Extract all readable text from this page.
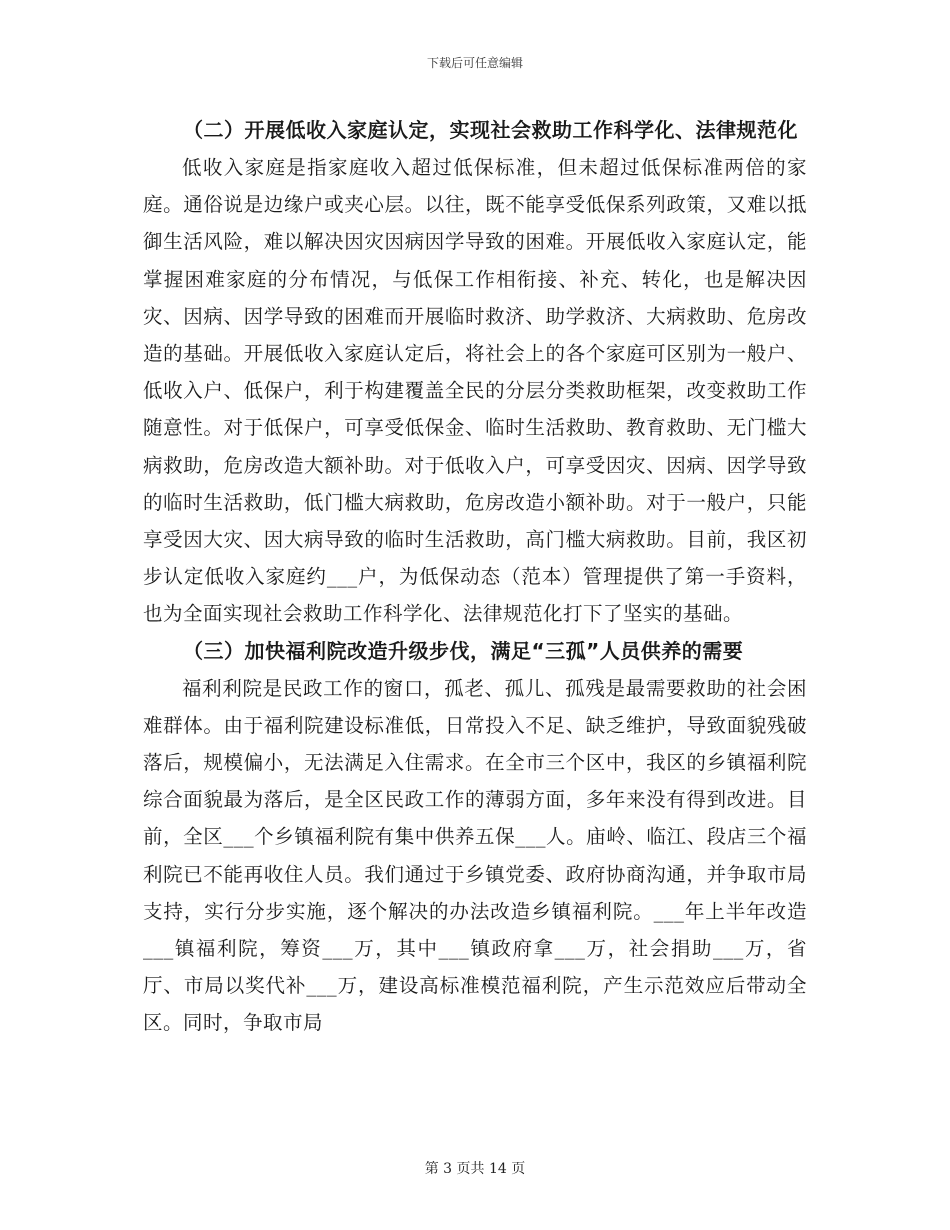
下载后可任意编辑

（二）开展低收入家庭认定，实现社会救助工作科学化、法律规范化

低收入家庭是指家庭收入超过低保标准，但未超过低保标准两倍的家庭。通俗说是边缘户或夹心层。以往，既不能享受低保系列政策，又难以抵御生活风险，难以解决因灾因病因学导致的困难。开展低收入家庭认定，能掌握困难家庭的分布情况，与低保工作相衔接、补充、转化，也是解决因灾、因病、因学导致的困难而开展临时救济、助学救济、大病救助、危房改造的基础。开展低收入家庭认定后，将社会上的各个家庭可区别为一般户、低收入户、低保户，利于构建覆盖全民的分层分类救助框架，改变救助工作随意性。对于低保户，可享受低保金、临时生活救助、教育救助、无门槛大病救助，危房改造大额补助。对于低收入户，可享受因灾、因病、因学导致的临时生活救助，低门槛大病救助，危房改造小额补助。对于一般户，只能享受因大灾、因大病导致的临时生活救助，高门槛大病救助。目前，我区初步认定低收入家庭约___户，为低保动态（范本）管理提供了第一手资料，也为全面实现社会救助工作科学化、法律规范化打下了坚实的基础。

（三）加快福利院改造升级步伐，满足“三孤”人员供养的需要

福利利院是民政工作的窗口，孤老、孤儿、孤残是最需要救助的社会困难群体。由于福利院建设标准低，日常投入不足、缺乏维护，导致面貌残破落后，规模偏小，无法满足入住需求。在全市三个区中，我区的乡镇福利院综合面貌最为落后，是全区民政工作的薄弱方面，多年来没有得到改进。目前，全区___个乡镇福利院有集中供养五保___人。庙岭、临江、段店三个福利院已不能再收住人员。我们通过于乡镇党委、政府协商沟通，并争取市局支持，实行分步实施，逐个解决的办法改造乡镇福利院。___年上半年改造___镇福利院，筹资___万，其中___镇政府拿___万，社会捐助___万，省厅、市局以奖代补___万，建设高标准模范福利院，产生示范效应后带动全区。同时，争取市局

第 3 页共 14 页
